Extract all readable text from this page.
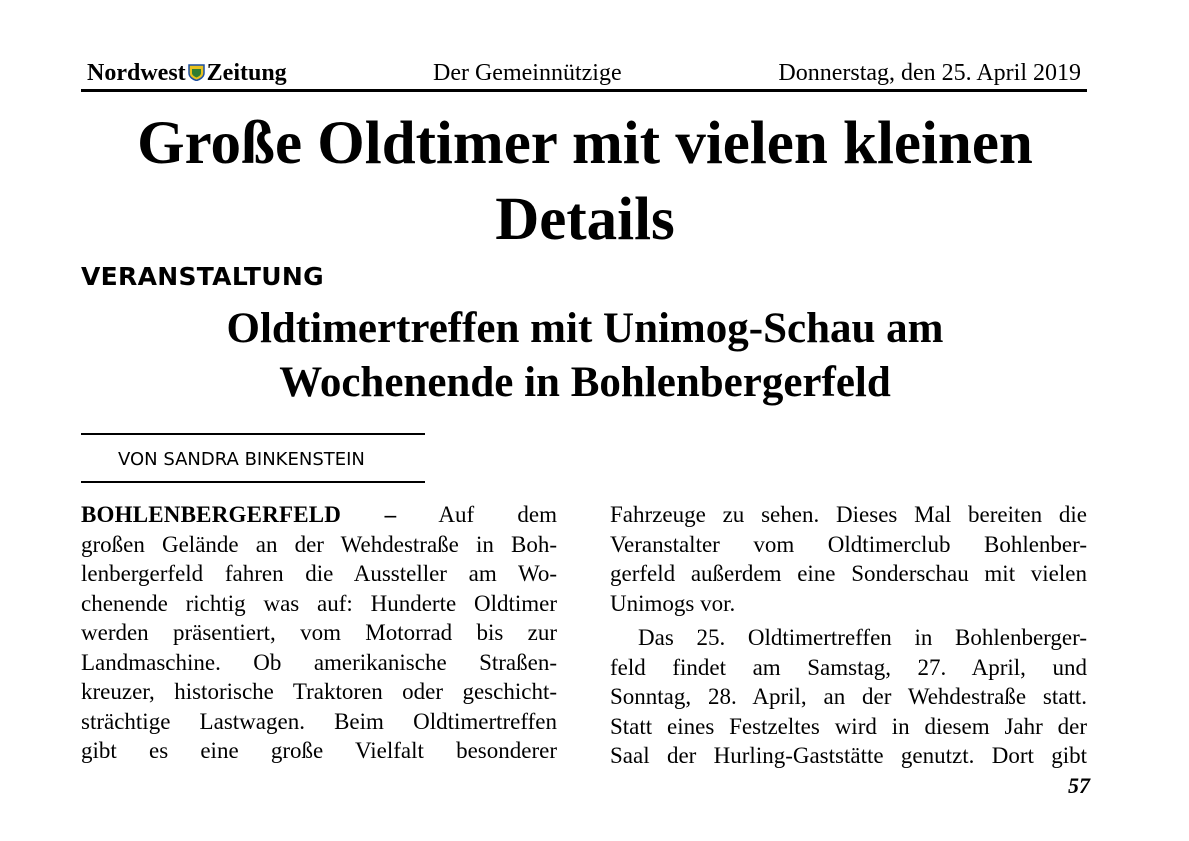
Nordwest Zeitung	Der Gemeinnützige	Donnerstag, den 25. April 2019
Große Oldtimer mit vielen kleinen Details
VERANSTALTUNG
Oldtimertreffen mit Unimog-Schau am Wochenende in Bohlenbergerfeld
VON SANDRA BINKENSTEIN
BOHLENBERGERFELD – Auf dem
großen Gelände an der Wehdestraße in Boh-
lenbergerfeld fahren die Aussteller am Wo-
chenende richtig was auf: Hunderte Oldtimer
werden präsentiert, vom Motorrad bis zur
Landmaschine. Ob amerikanische Straßen-
kreuzer, historische Traktoren oder geschicht-
strächtige Lastwagen. Beim Oldtimertreffen
gibt es eine große Vielfalt besonderer
Fahrzeuge zu sehen. Dieses Mal bereiten die
Veranstalter vom Oldtimerclub Bohlenber-
gerfeld außerdem eine Sonderschau mit vielen
Unimogs vor.
Das 25. Oldtimertreffen in Bohlenberger-
feld findet am Samstag, 27. April, und
Sonntag, 28. April, an der Wehdestraße statt.
Statt eines Festzeltes wird in diesem Jahr der
Saal der Hurling-Gaststätte genutzt. Dort gibt
57
